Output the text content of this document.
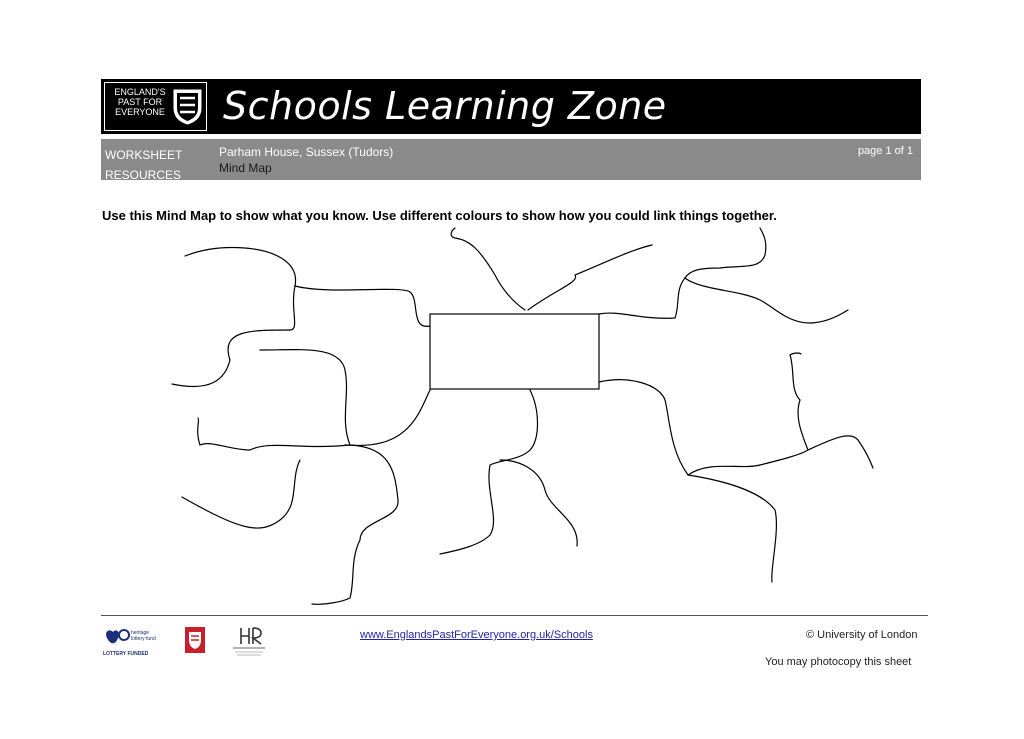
ENGLAND'S
PAST FOR
EVERYONE Schools Learning Zone
WORKSHEET RESOURCES
Parham House, Sussex (Tudors)
Mind Map
page 1 of 1
Use this Mind Map to show what you know. Use different colours to show how you could link things together.
heritage
lottery fund
LOTTERY FUNDED
www.EnglandsPastForEveryone.org.uk/Schools	© University of London
You may photocopy this sheet
